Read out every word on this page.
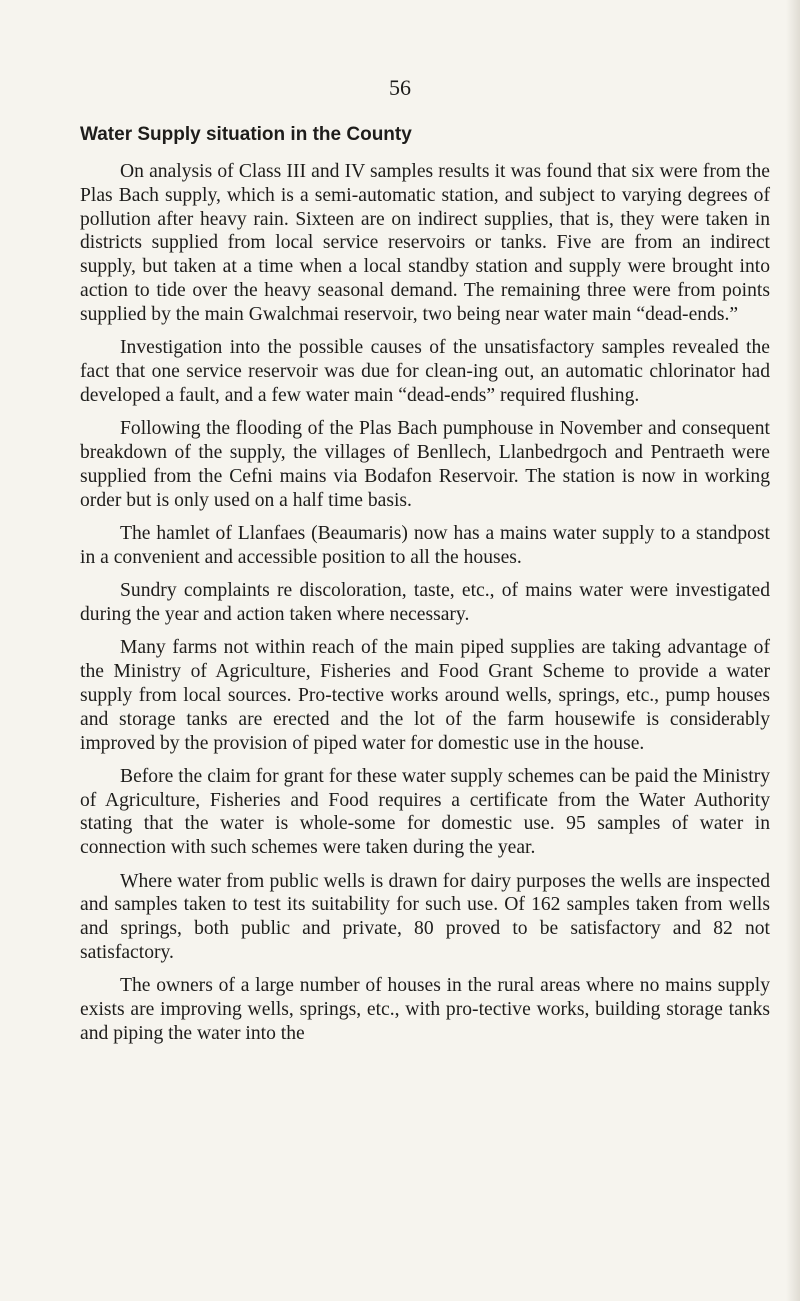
56
Water Supply situation in the County

On analysis of Class III and IV samples results it was found that six were from the Plas Bach supply, which is a semi-automatic station, and subject to varying degrees of pollution after heavy rain. Sixteen are on indirect supplies, that is, they were taken in districts supplied from local service reservoirs or tanks. Five are from an indirect supply, but taken at a time when a local standby station and supply were brought into action to tide over the heavy seasonal demand. The remaining three were from points supplied by the main Gwalchmai reservoir, two being near water main “dead-ends.”

Investigation into the possible causes of the unsatisfactory samples revealed the fact that one service reservoir was due for clean-ing out, an automatic chlorinator had developed a fault, and a few water main “dead-ends” required flushing.

Following the flooding of the Plas Bach pumphouse in November and consequent breakdown of the supply, the villages of Benllech, Llanbedrgoch and Pentraeth were supplied from the Cefni mains via Bodafon Reservoir. The station is now in working order but is only used on a half time basis.

The hamlet of Llanfaes (Beaumaris) now has a mains water supply to a standpost in a convenient and accessible position to all the houses.

Sundry complaints re discoloration, taste, etc., of mains water were investigated during the year and action taken where necessary.

Many farms not within reach of the main piped supplies are taking advantage of the Ministry of Agriculture, Fisheries and Food Grant Scheme to provide a water supply from local sources. Pro-tective works around wells, springs, etc., pump houses and storage tanks are erected and the lot of the farm housewife is considerably improved by the provision of piped water for domestic use in the house.

Before the claim for grant for these water supply schemes can be paid the Ministry of Agriculture, Fisheries and Food requires a certificate from the Water Authority stating that the water is whole-some for domestic use. 95 samples of water in connection with such schemes were taken during the year.

Where water from public wells is drawn for dairy purposes the wells are inspected and samples taken to test its suitability for such use. Of 162 samples taken from wells and springs, both public and private, 80 proved to be satisfactory and 82 not satisfactory.

The owners of a large number of houses in the rural areas where no mains supply exists are improving wells, springs, etc., with pro-tective works, building storage tanks and piping the water into the
